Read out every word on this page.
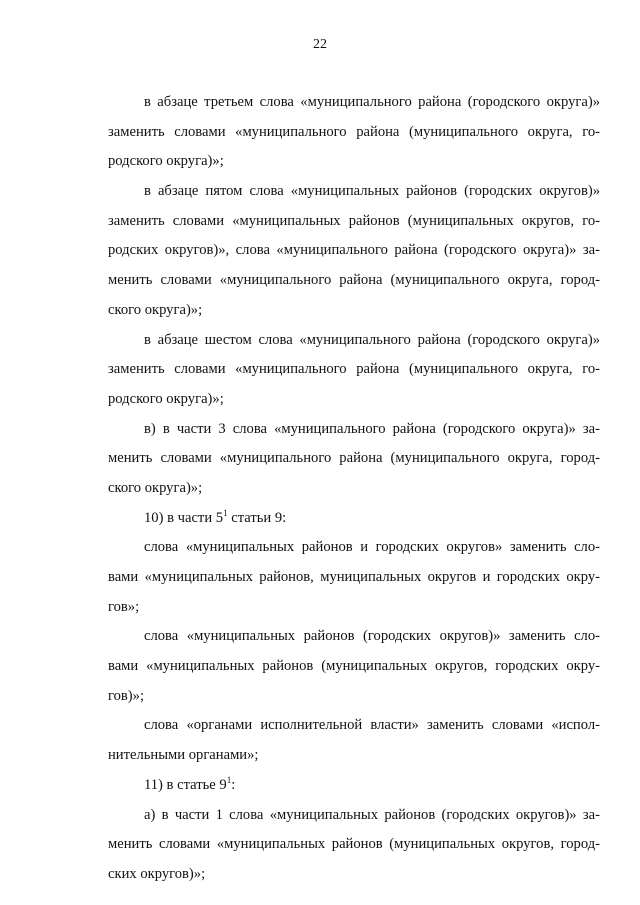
22
в абзаце третьем слова «муниципального района (городского округа)»
заменить словами «муниципального района (муниципального округа, го-
родского округа)»;
в абзаце пятом слова «муниципальных районов (городских округов)»
заменить словами «муниципальных районов (муниципальных округов, го-
родских округов)», слова «муниципального района (городского округа)» за-
менить словами «муниципального района (муниципального округа, город-
ского округа)»;
в абзаце шестом слова «муниципального района (городского округа)»
заменить словами «муниципального района (муниципального округа, го-
родского округа)»;
в) в части 3 слова «муниципального района (городского округа)» за-
менить словами «муниципального района (муниципального округа, город-
ского округа)»;
10) в части $5^1$ статьи 9:
слова «муниципальных районов и городских округов» заменить сло-
вами «муниципальных районов, муниципальных округов и городских окру-
гов»;
слова «муниципальных районов (городских округов)» заменить сло-
вами «муниципальных районов (муниципальных округов, городских окру-
гов)»;
слова «органами исполнительной власти» заменить словами «испол-
нительными органами»;
11) в статье $9^1$:
а) в части 1 слова «муниципальных районов (городских округов)» за-
менить словами «муниципальных районов (муниципальных округов, город-
ских округов)»;
